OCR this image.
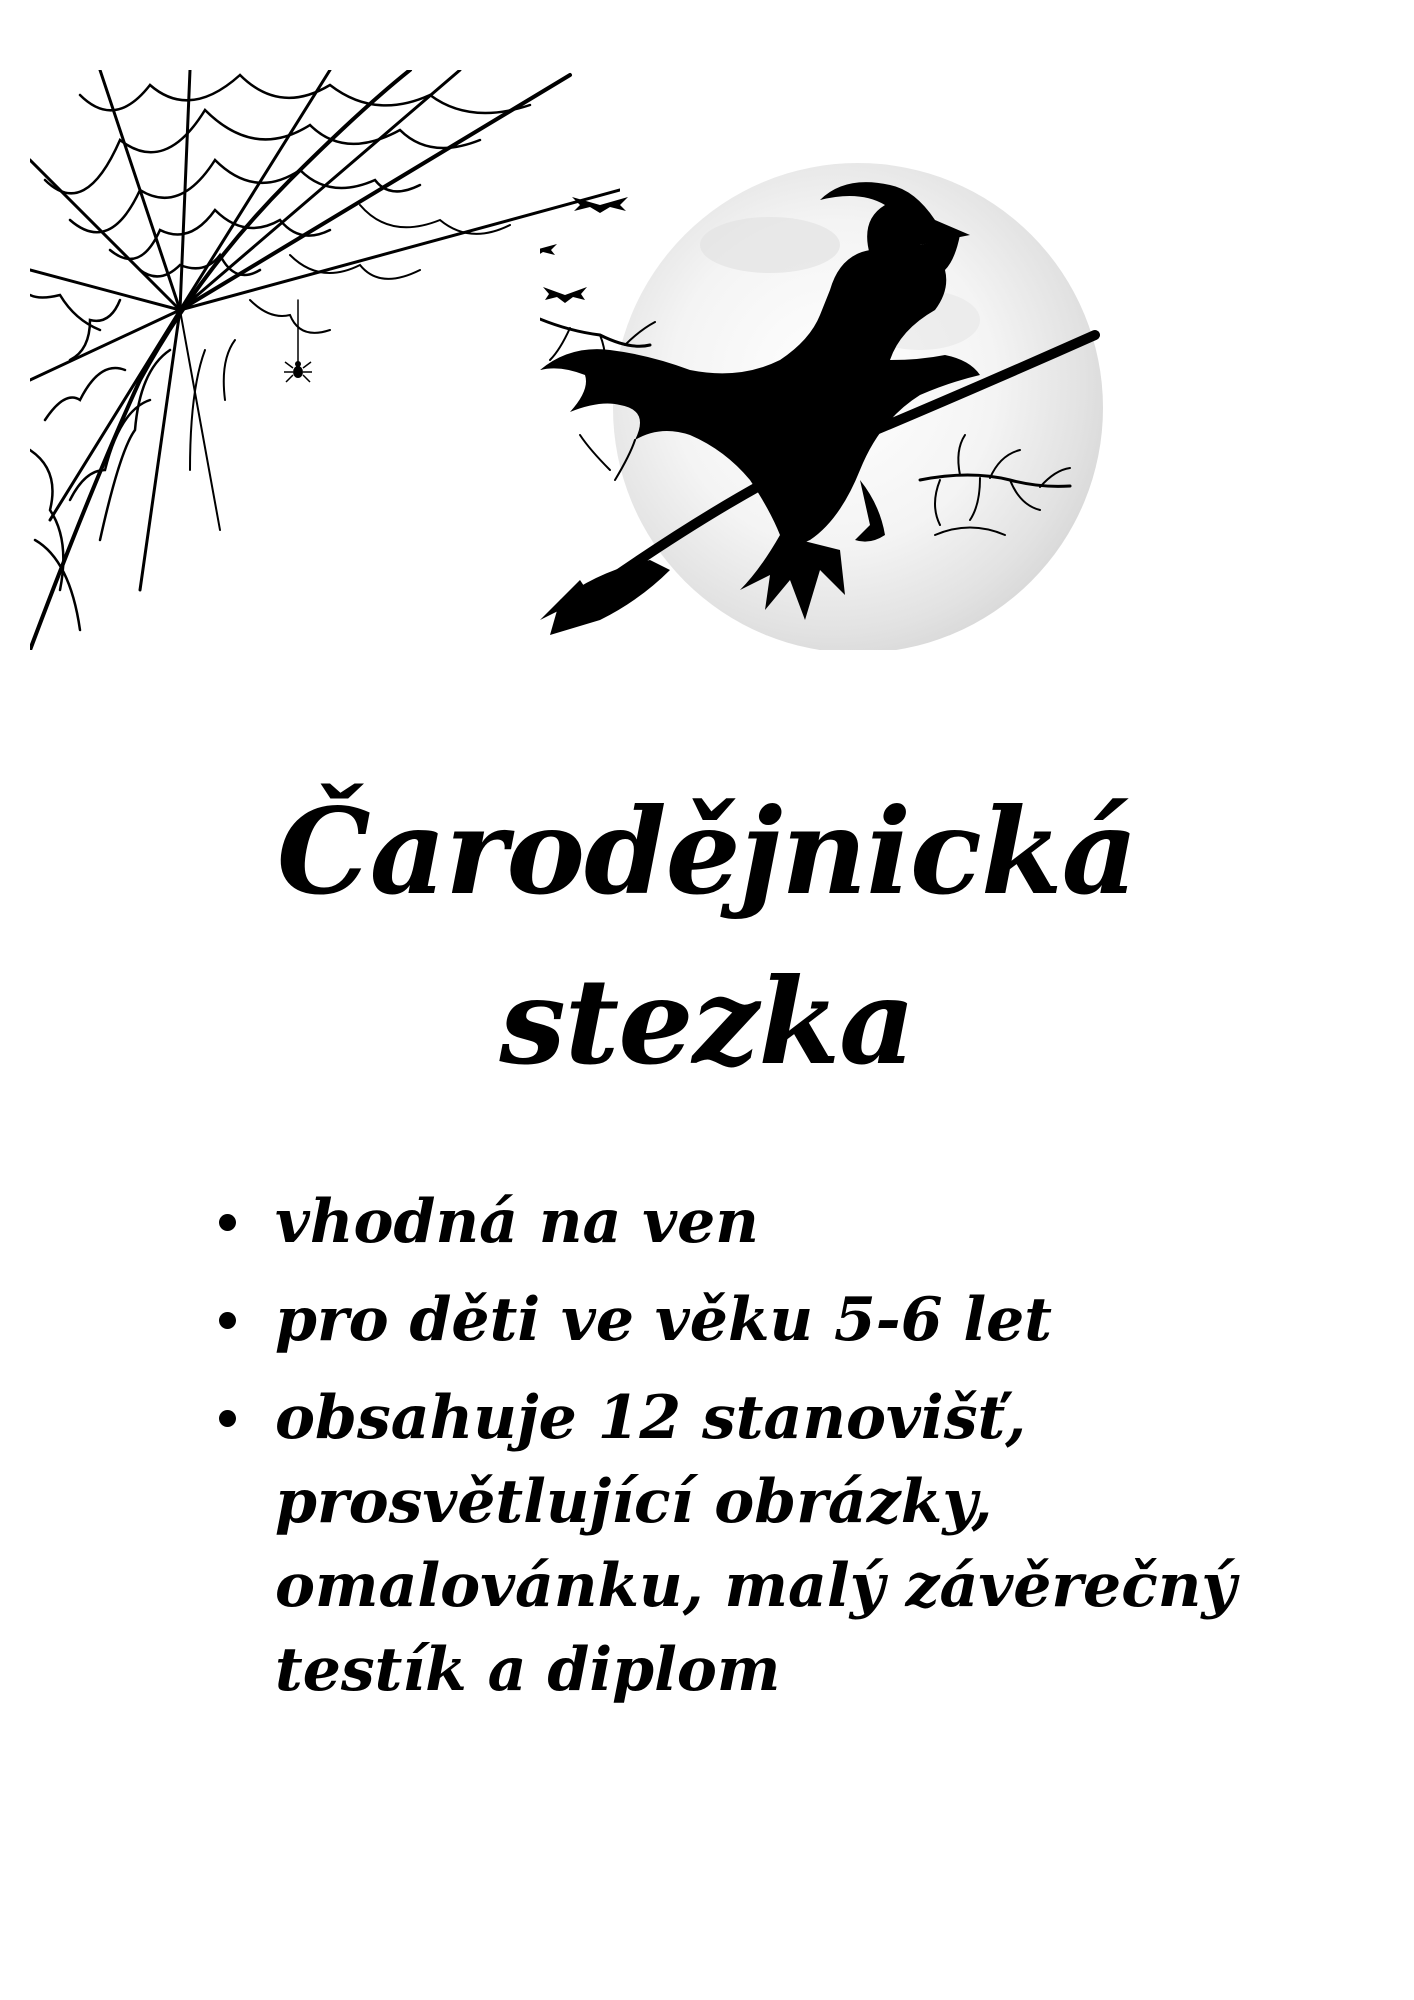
Čarodějnická
stezka
vhodná na ven
pro děti ve věku 5-6 let
obsahuje 12 stanovišť, prosvětlující obrázky, omalovánku, malý závěrečný testík a diplom
